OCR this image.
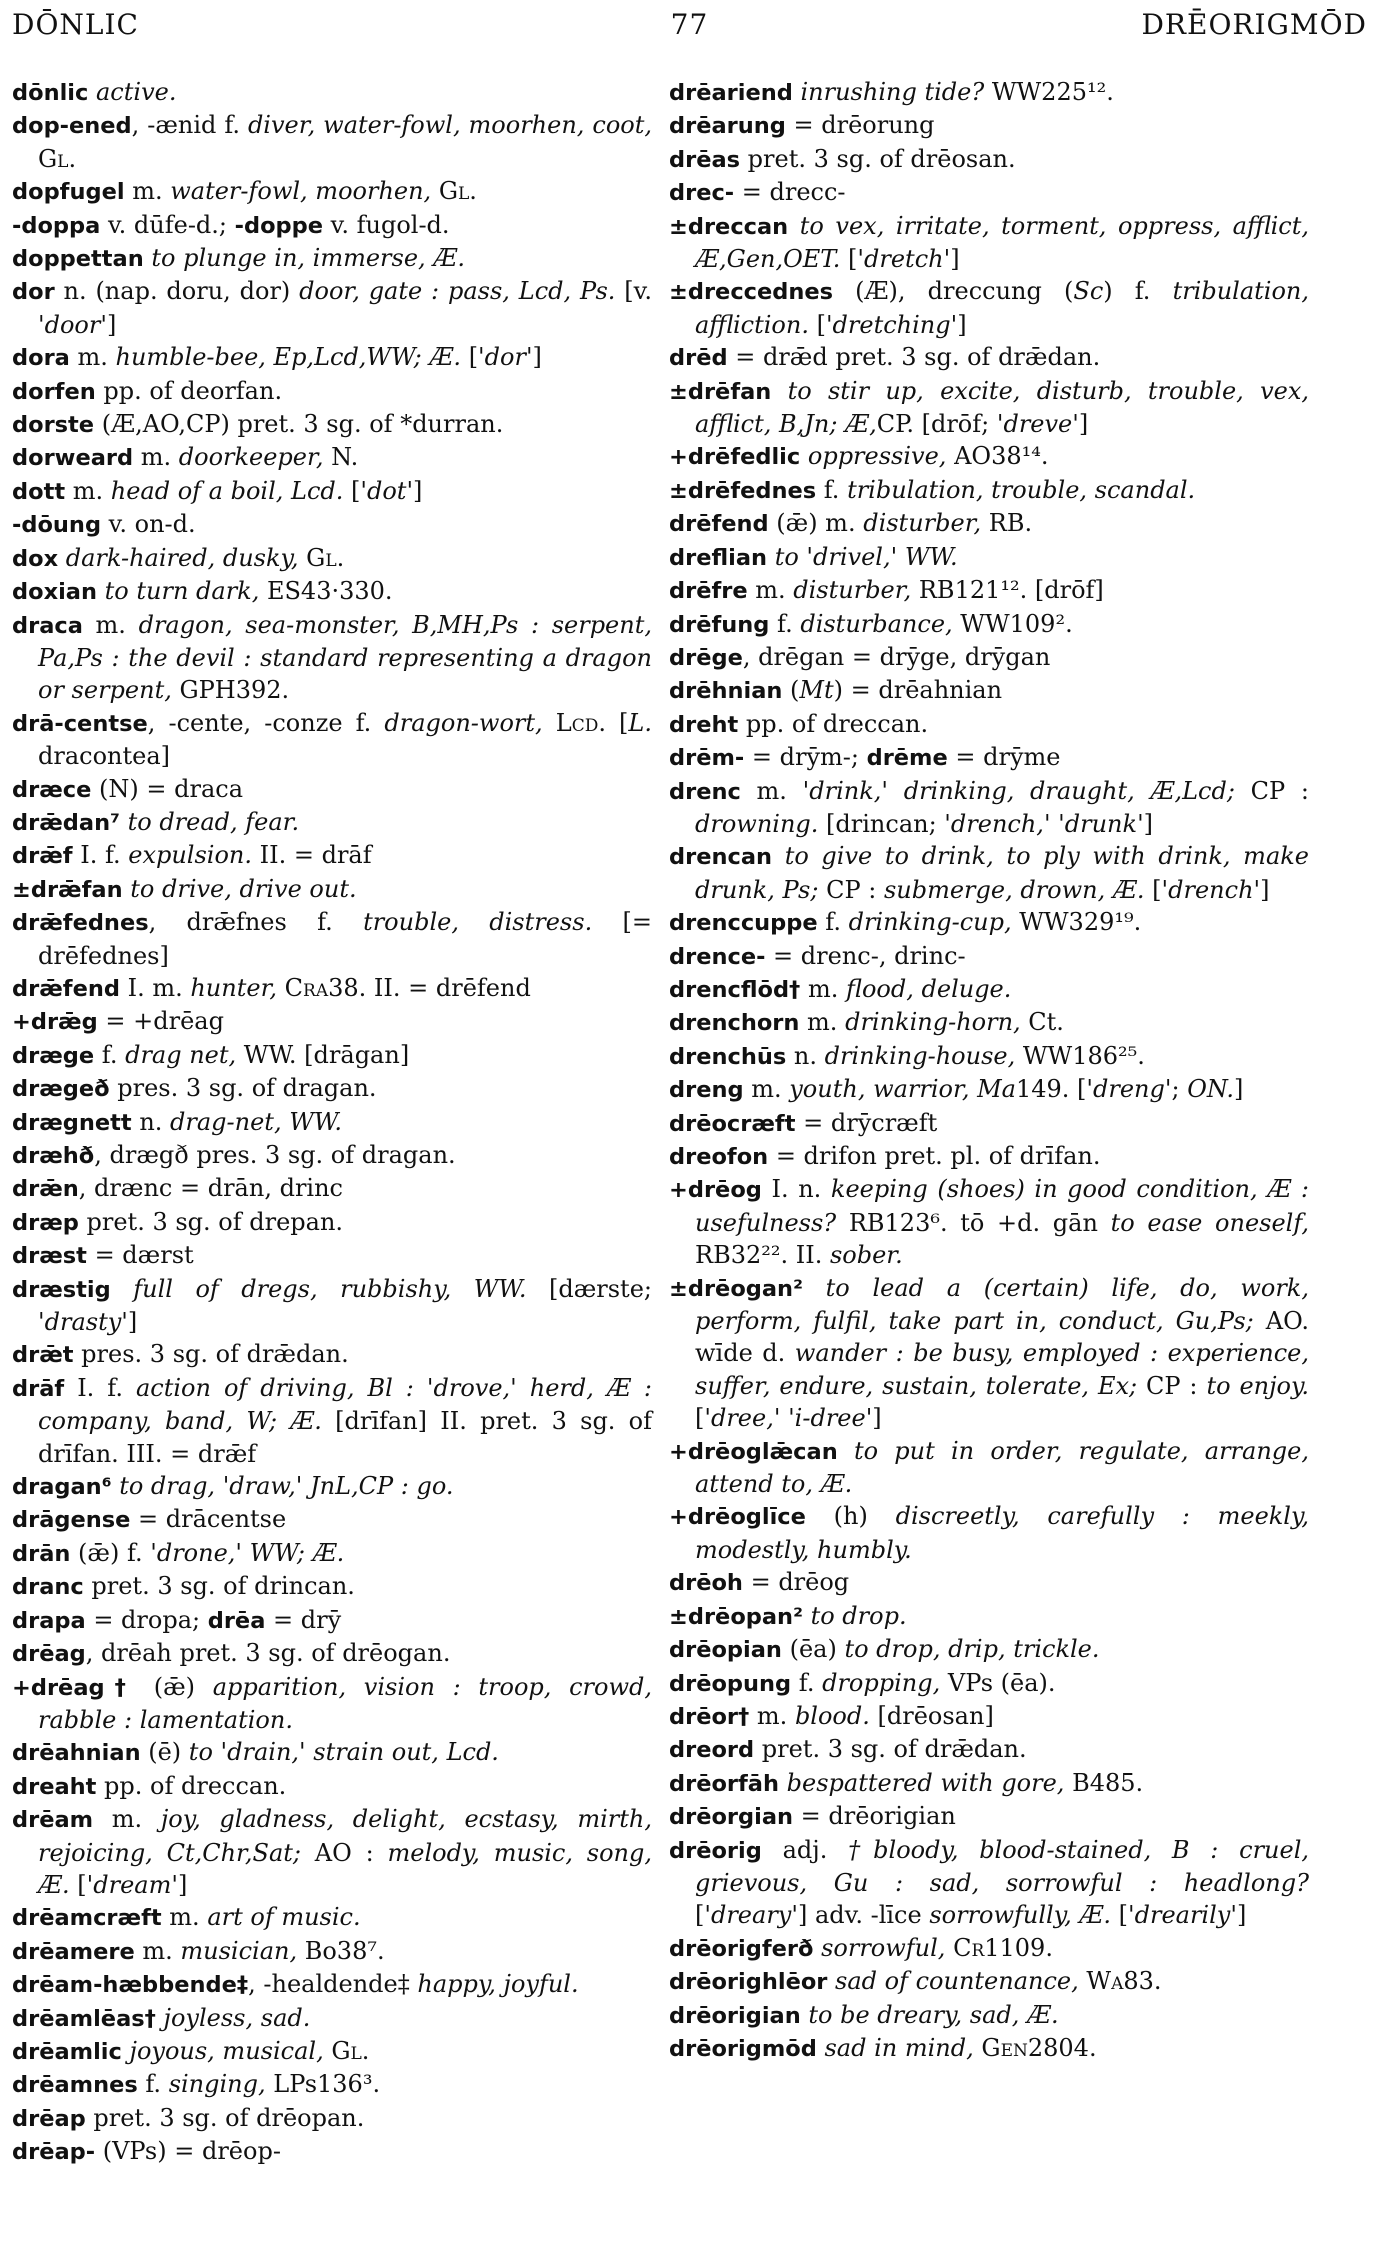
DŌNLIC	77	DRĒORIGMŌD

dōnlic active.

dop-ened, -ænid f. diver, water-fowl, moorhen, coot, Gl.

dopfugel m. water-fowl, moorhen, Gl.

-doppa v. dūfe-d.; -doppe v. fugol-d.

doppettan to plunge in, immerse, Æ.

dor n. (nap. doru, dor) door, gate : pass, Lcd, Ps. [v. 'door']

dora m. humble-bee, Ep,Lcd,WW; Æ. ['dor']

dorfen pp. of deorfan.

dorste (Æ,AO,CP) pret. 3 sg. of *durran.

dorweard m. doorkeeper, N.

dott m. head of a boil, Lcd. ['dot']

-dōung v. on-d.

dox dark-haired, dusky, Gl.

doxian to turn dark, ES43·330.

draca m. dragon, sea-monster, B,MH,Ps : serpent, Pa,Ps : the devil : standard representing a dragon or serpent, GPH392.

drā-centse, -cente, -conze f. dragon-wort, Lcd. [L. dracontea]

dræce (N) = draca

drǣdan⁷ to dread, fear.

drǣf I. f. expulsion. II. = drāf

±drǣfan to drive, drive out.

drǣfednes, drǣfnes f. trouble, distress. [= drēfednes]

drǣfend I. m. hunter, Cra38. II. = drēfend

+drǣg = +drēag

dræge f. drag net, WW. [drāgan]

drægeð pres. 3 sg. of dragan.

drægnett n. drag-net, WW.

dræhð, drægð pres. 3 sg. of dragan.

drǣn, drænc = drān, drinc

dræp pret. 3 sg. of drepan.

dræst = dærst

dræstig full of dregs, rubbishy, WW. [dærste; 'drasty']

drǣt pres. 3 sg. of drǣdan.

drāf I. f. action of driving, Bl : 'drove,' herd, Æ : company, band, W; Æ. [drīfan] II. pret. 3 sg. of drīfan. III. = drǣf

dragan⁶ to drag, 'draw,' JnL,CP : go.

drāgense = drācentse

drān (ǣ) f. 'drone,' WW; Æ.

dranc pret. 3 sg. of drincan.

drapa = dropa; drēa = drȳ

drēag, drēah pret. 3 sg. of drēogan.

+drēag† (ǣ) apparition, vision : troop, crowd, rabble : lamentation.

drēahnian (ē) to 'drain,' strain out, Lcd.

dreaht pp. of dreccan.

drēam m. joy, gladness, delight, ecstasy, mirth, rejoicing, Ct,Chr,Sat; AO : melody, music, song, Æ. ['dream']

drēamcræft m. art of music.

drēamere m. musician, Bo38⁷.

drēam-hæbbende‡, -healdende‡ happy, joyful.

drēamlēas† joyless, sad.

drēamlic joyous, musical, Gl.

drēamnes f. singing, LPs136³.

drēap pret. 3 sg. of drēopan.

drēap- (VPs) = drēop-

drēariend inrushing tide? WW225¹².

drēarung = drēorung

drēas pret. 3 sg. of drēosan.

drec- = drecc-

±dreccan to vex, irritate, torment, oppress, afflict, Æ,Gen,OET. ['dretch']

±dreccednes (Æ), dreccung (Sc) f. tribulation, affliction. ['dretching']

drēd = drǣd pret. 3 sg. of drǣdan.

±drēfan to stir up, excite, disturb, trouble, vex, afflict, B,Jn; Æ,CP. [drōf; 'dreve']

+drēfedlic oppressive, AO38¹⁴.

±drēfednes f. tribulation, trouble, scandal.

drēfend (ǣ) m. disturber, RB.

dreflian to 'drivel,' WW.

drēfre m. disturber, RB121¹². [drōf]

drēfung f. disturbance, WW109².

drēge, drēgan = drȳge, drȳgan

drēhnian (Mt) = drēahnian

dreht pp. of dreccan.

drēm- = drȳm-; drēme = drȳme

drenc m. 'drink,' drinking, draught, Æ,Lcd; CP : drowning. [drincan; 'drench,' 'drunk']

drencan to give to drink, to ply with drink, make drunk, Ps; CP : submerge, drown, Æ. ['drench']

drenccuppe f. drinking-cup, WW329¹⁹.

drence- = drenc-, drinc-

drencflōd† m. flood, deluge.

drenchorn m. drinking-horn, Ct.

drenchūs n. drinking-house, WW186²⁵.

dreng m. youth, warrior, Ma149. ['dreng'; ON.]

drēocræft = drȳcræft

dreofon = drifon pret. pl. of drīfan.

+drēog I. n. keeping (shoes) in good condition, Æ : usefulness? RB123⁶. tō +d. gān to ease oneself, RB32²². II. sober.

±drēogan² to lead a (certain) life, do, work, perform, fulfil, take part in, conduct, Gu,Ps; AO. wīde d. wander : be busy, employed : experience, suffer, endure, sustain, tolerate, Ex; CP : to enjoy. ['dree,' 'i-dree']

+drēoglǣcan to put in order, regulate, arrange, attend to, Æ.

+drēoglīce (h) discreetly, carefully : meekly, modestly, humbly.

drēoh = drēog

±drēopan² to drop.

drēopian (ēa) to drop, drip, trickle.

drēopung f. dropping, VPs (ēa).

drēor† m. blood. [drēosan]

dreord pret. 3 sg. of drǣdan.

drēorfāh bespattered with gore, B485.

drēorgian = drēorigian

drēorig adj. †bloody, blood-stained, B : cruel, grievous, Gu : sad, sorrowful : headlong? ['dreary'] adv. -līce sorrowfully, Æ. ['drearily']

drēorigferð sorrowful, Cr1109.

drēorighlēor sad of countenance, Wa83.

drēorigian to be dreary, sad, Æ.

drēorigmōd sad in mind, Gen2804.
